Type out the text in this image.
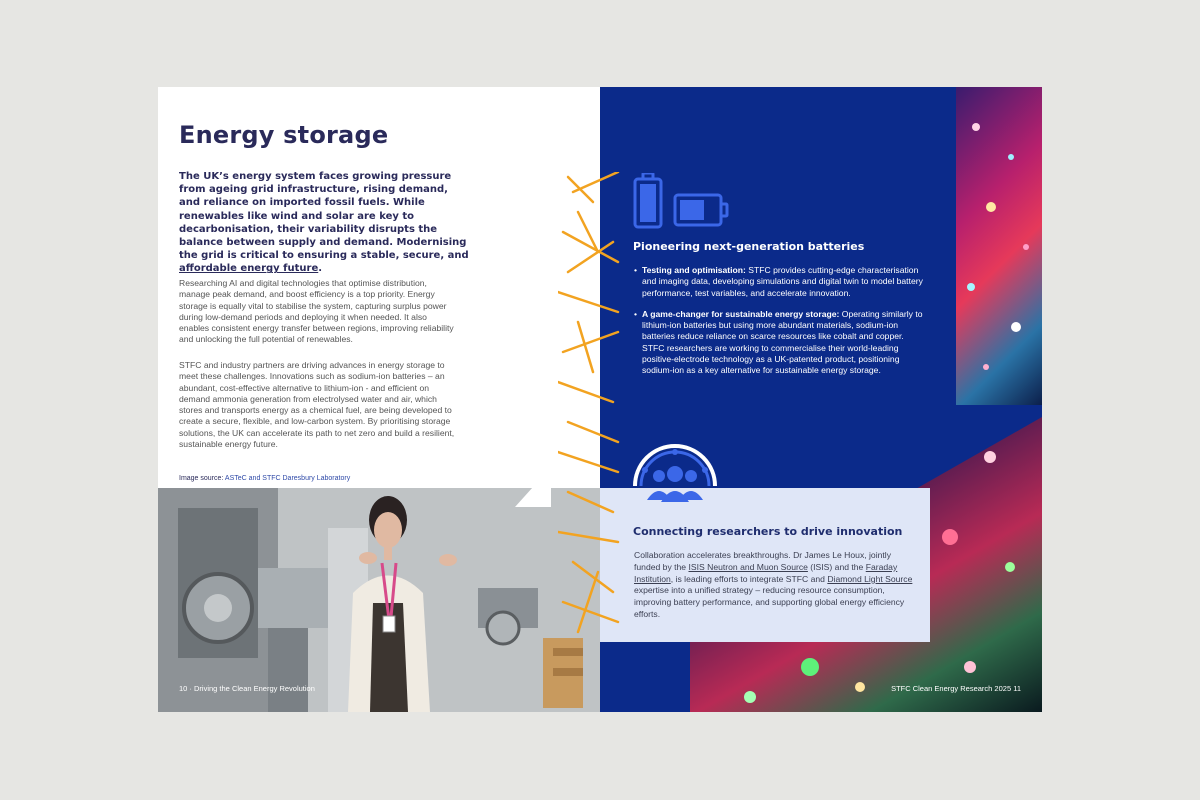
Energy storage
The UK’s energy system faces growing pressure from ageing grid infrastructure, rising demand, and reliance on imported fossil fuels. While renewables like wind and solar are key to decarbonisation, their variability disrupts the balance between supply and demand. Modernising the grid is critical to ensuring a stable, secure, and affordable energy future.
Researching AI and digital technologies that optimise distribution, manage peak demand, and boost efficiency is a top priority. Energy storage is equally vital to stabilise the system, capturing surplus power during low-demand periods and deploying it when needed. It also enables consistent energy transfer between regions, improving reliability and unlocking the full potential of renewables.
STFC and industry partners are driving advances in energy storage to meet these challenges. Innovations such as sodium-ion batteries – an abundant, cost-effective alternative to lithium-ion - and efficient on demand ammonia generation from electrolysed water and air, which stores and transports energy as a chemical fuel, are being developed to create a secure, flexible, and low-carbon system. By prioritising storage solutions, the UK can accelerate its path to net zero and build a resilient, sustainable energy future.
Image source: ASTeC and STFC Daresbury Laboratory
10 · Driving the Clean Energy Revolution
Pioneering next-generation batteries
• Testing and optimisation: STFC provides cutting-edge characterisation and imaging data, developing simulations and digital twin to model battery performance, test variables, and accelerate innovation.
• A game-changer for sustainable energy storage: Operating similarly to lithium-ion batteries but using more abundant materials, sodium-ion batteries reduce reliance on scarce resources like cobalt and copper. STFC researchers are working to commercialise their world-leading positive-electrode technology as a UK-patented product, positioning sodium-ion as a key alternative for sustainable energy storage.
Connecting researchers to drive innovation
Collaboration accelerates breakthroughs. Dr James Le Houx, jointly funded by the ISIS Neutron and Muon Source (ISIS) and the Faraday Institution, is leading efforts to integrate STFC and Diamond Light Source expertise into a unified strategy – reducing resource consumption, improving battery performance, and supporting global energy efficiency efforts.
STFC Clean Energy Research 2025 11
